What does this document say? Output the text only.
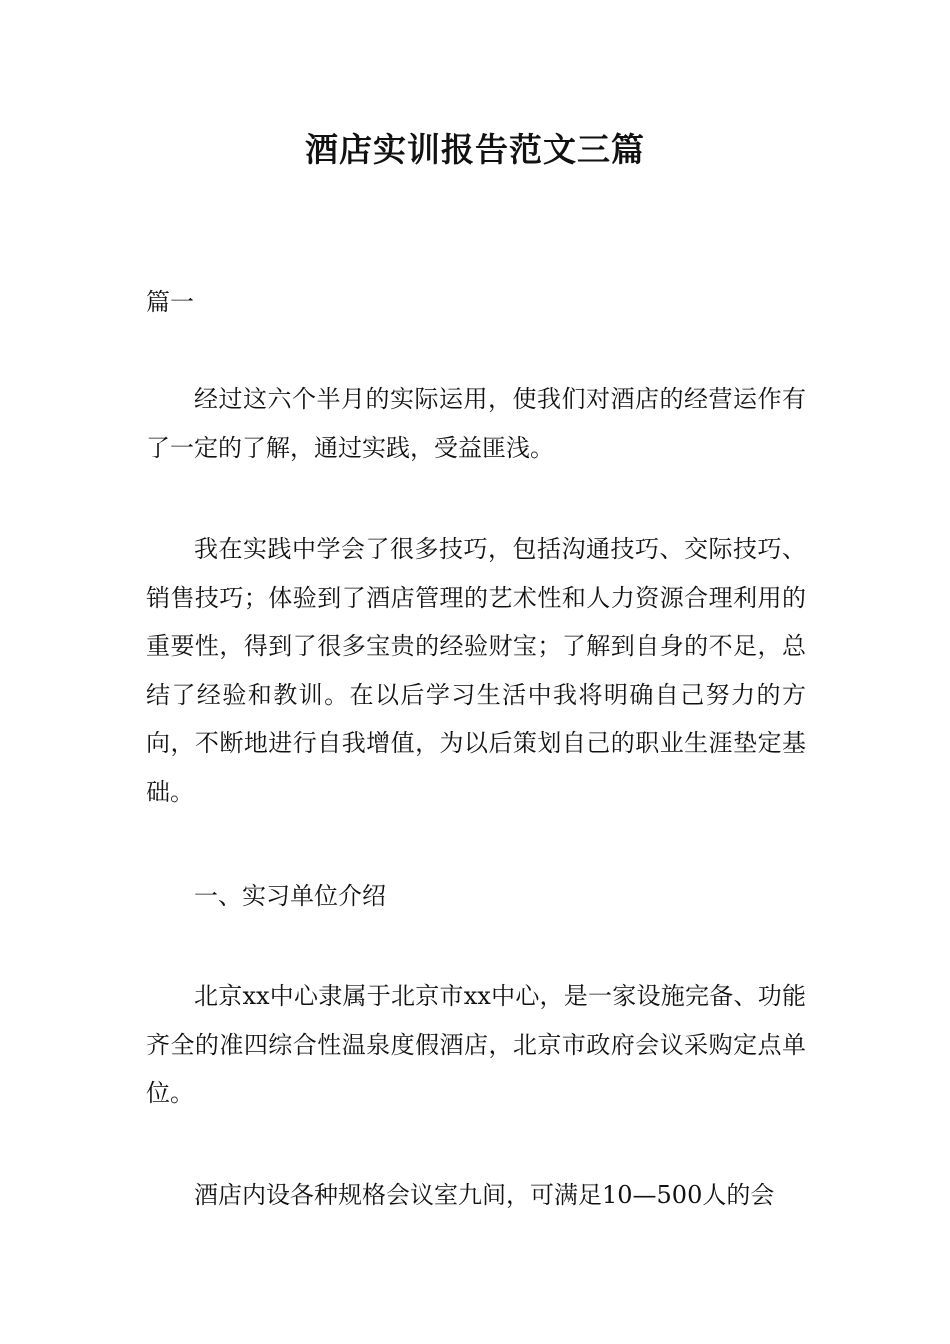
酒店实训报告范文三篇
篇一

经过这六个半月的实际运用，使我们对酒店的经营运作有了一定的了解，通过实践，受益匪浅。

我在实践中学会了很多技巧，包括沟通技巧、交际技巧、销售技巧；体验到了酒店管理的艺术性和人力资源合理利用的重要性，得到了很多宝贵的经验财宝；了解到自身的不足，总结了经验和教训。在以后学习生活中我将明确自己努力的方向，不断地进行自我增值，为以后策划自己的职业生涯垫定基础。

一、实习单位介绍

北京xx中心隶属于北京市xx中心，是一家设施完备、功能齐全的准四综合性温泉度假酒店，北京市政府会议采购定点单位。

酒店内设各种规格会议室九间，可满足10—500人的会
